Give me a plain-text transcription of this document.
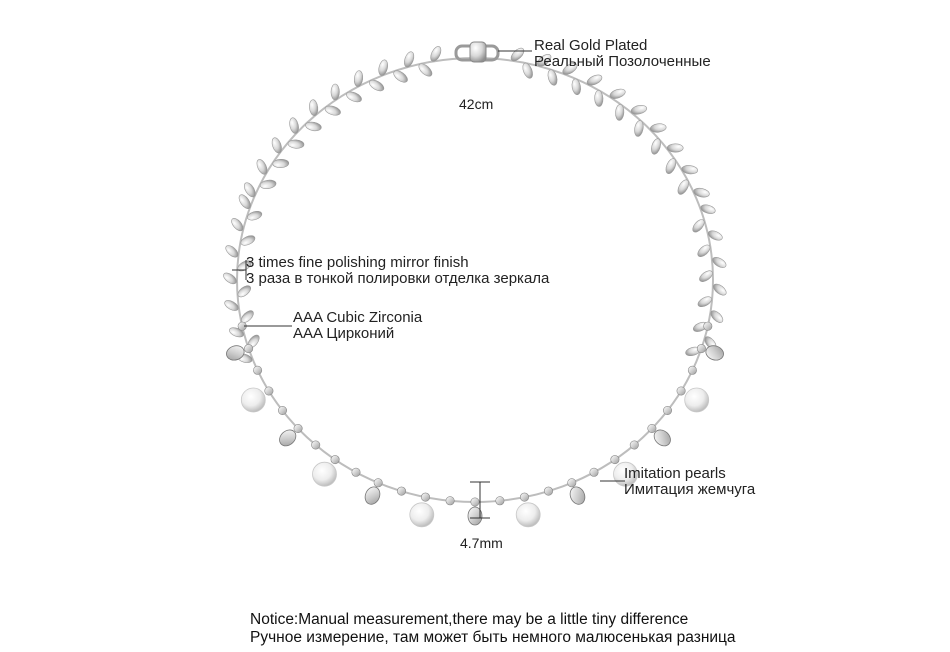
Real Gold Plated
Реальный Позолоченные
42cm
3 times fine polishing mirror finish
3 раза в тонкой полировки отделка зеркала
AAA Cubic Zirconia
AAA Цирконий
Imitation pearls
Имитация жемчуга
4.7mm
Notice:Manual measurement,there may be a little tiny difference
Ручное измерение, там может быть немного малюсенькая разница
